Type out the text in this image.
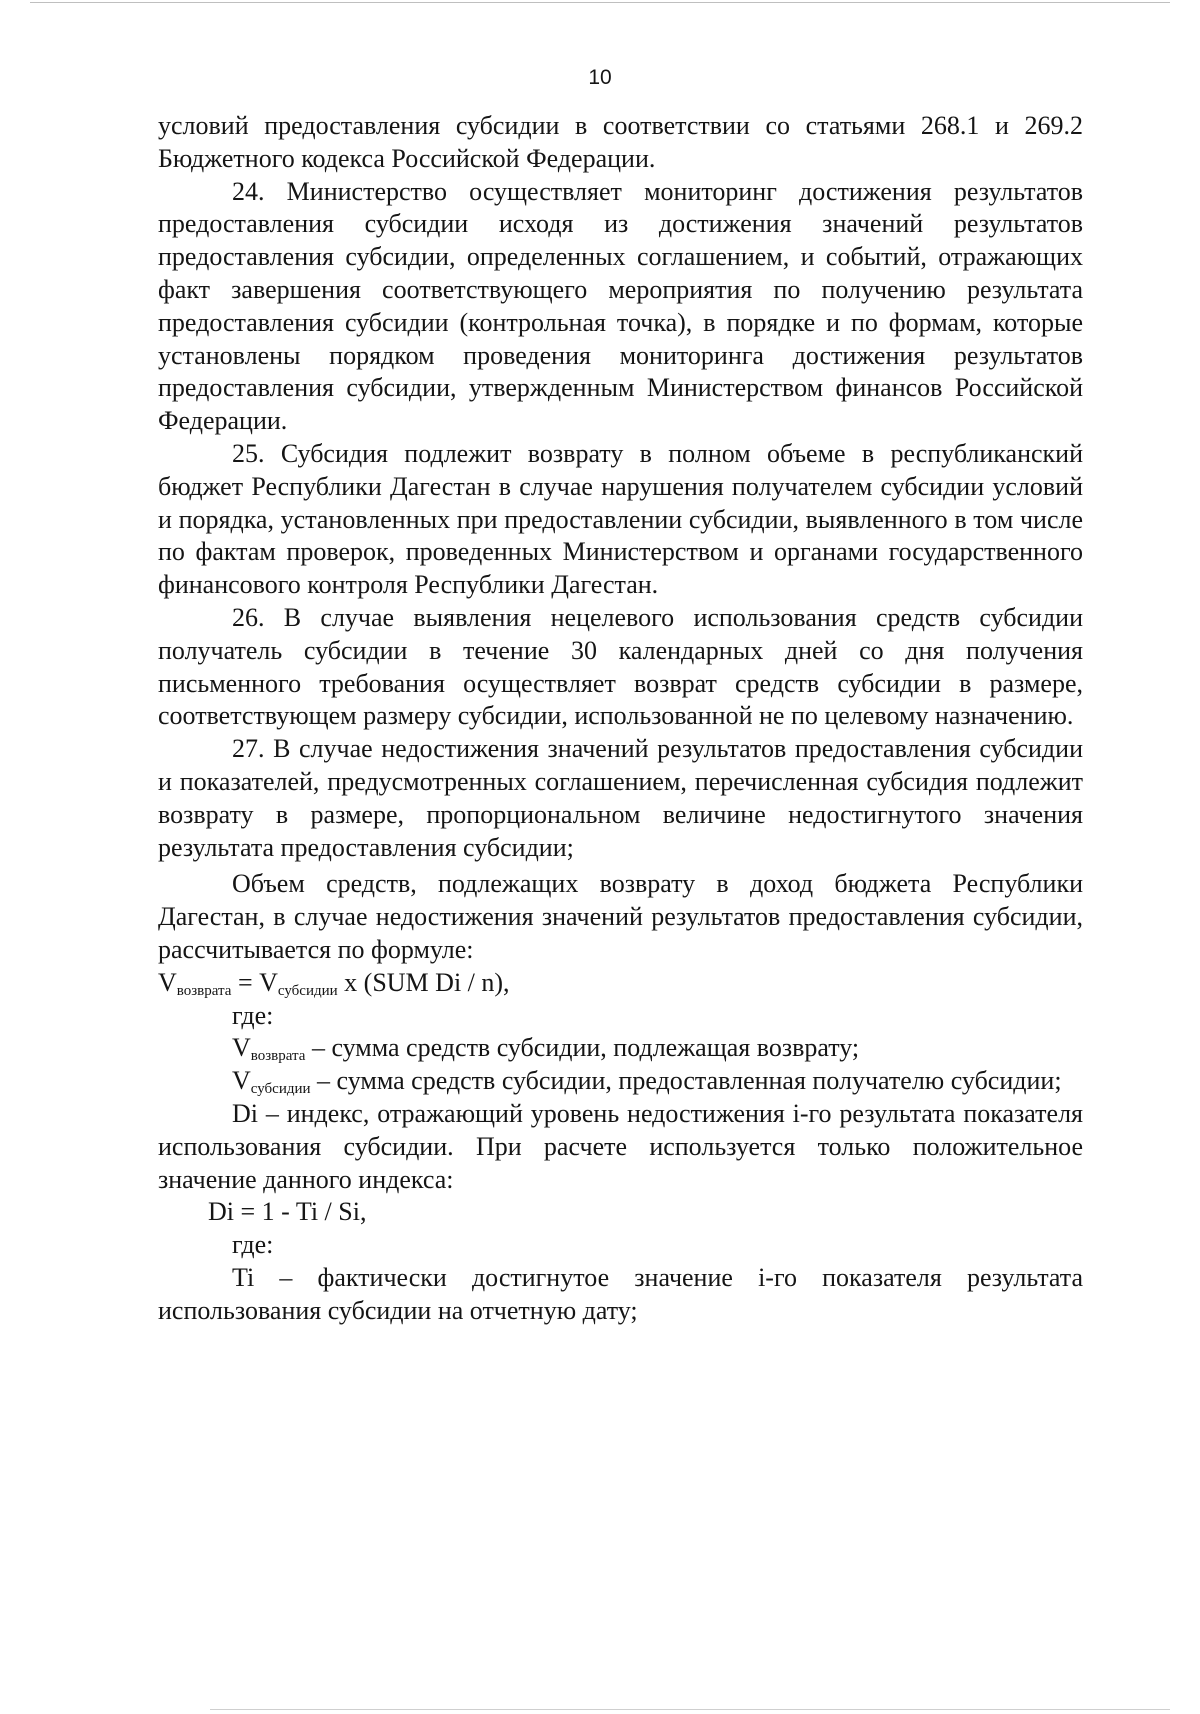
10

условий предоставления субсидии в соответствии со статьями 268.1 и 269.2 Бюджетного кодекса Российской Федерации.

24. Министерство осуществляет мониторинг достижения результатов предоставления субсидии исходя из достижения значений результатов предоставления субсидии, определенных соглашением, и событий, отражающих факт завершения соответствующего мероприятия по получению результата предоставления субсидии (контрольная точка), в порядке и по формам, которые установлены порядком проведения мониторинга достижения результатов предоставления субсидии, утвержденным Министерством финансов Российской Федерации.

25. Субсидия подлежит возврату в полном объеме в республиканский бюджет Республики Дагестан в случае нарушения получателем субсидии условий и порядка, установленных при предоставлении субсидии, выявленного в том числе по фактам проверок, проведенных Министерством и органами государственного финансового контроля Республики Дагестан.

26. В случае выявления нецелевого использования средств субсидии получатель субсидии в течение 30 календарных дней со дня получения письменного требования осуществляет возврат средств субсидии в размере, соответствующем размеру субсидии, использованной не по целевому назначению.

27. В случае недостижения значений результатов предоставления субсидии и показателей, предусмотренных соглашением, перечисленная субсидия подлежит возврату в размере, пропорциональном величине недостигнутого значения результата предоставления субсидии;

Объем средств, подлежащих возврату в доход бюджета Республики Дагестан, в случае недостижения значений результатов предоставления субсидии, рассчитывается по формуле:

$V_{возврата} = V_{субсидии}$ x (SUM Di / n),

где:

$V_{возврата}$ – сумма средств субсидии, подлежащая возврату;

$V_{субсидии}$ – сумма средств субсидии, предоставленная получателю субсидии;

Di – индекс, отражающий уровень недостижения i-го результата показателя использования субсидии. При расчете используется только положительное значение данного индекса:

Di = 1 - Ti / Si,

где:

Ti – фактически достигнутое значение i-го показателя результата использования субсидии на отчетную дату;
